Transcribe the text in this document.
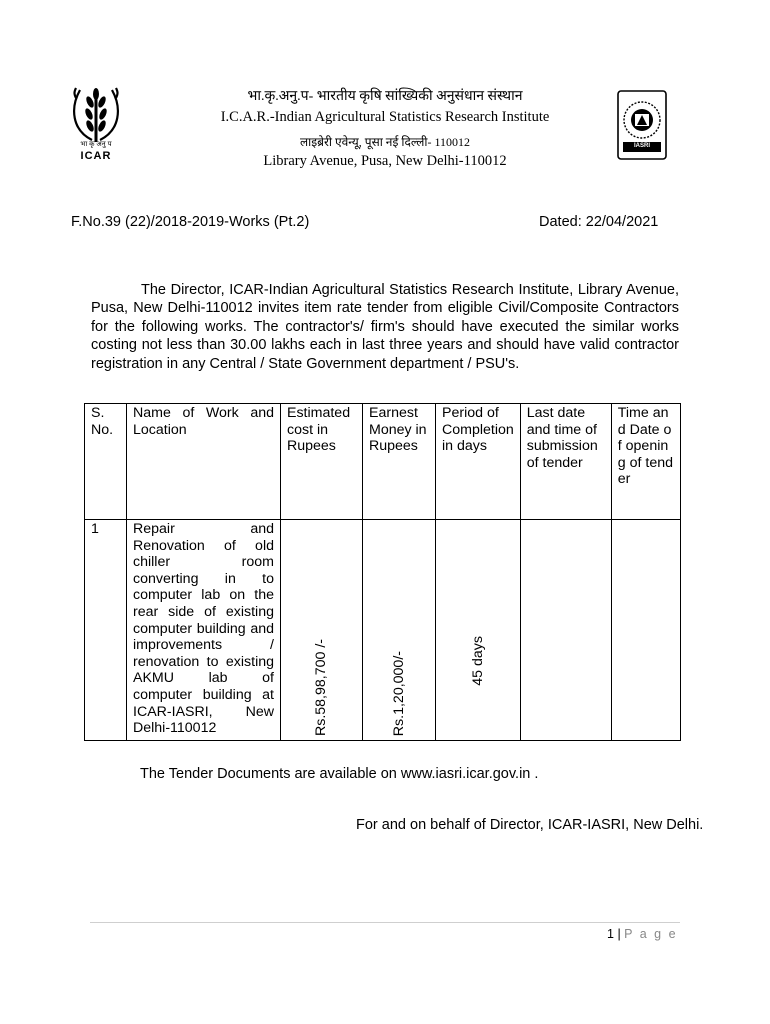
भा कृ अनु प
ICAR
भा.कृ.अनु.प- भारतीय कृषि सांख्यिकी अनुसंधान संस्थान
I.C.A.R.-Indian Agricultural Statistics Research Institute
लाइब्रेरी एवेन्यू, पूसा नई दिल्ली- 110012
Library Avenue, Pusa, New Delhi-110012
IASRI
F.No.39 (22)/2018-2019-Works (Pt.2)	Dated: 22/04/2021
The Director, ICAR-Indian Agricultural Statistics Research Institute, Library Avenue, Pusa, New Delhi-110012 invites item rate tender from eligible Civil/Composite Contractors for the following works. The contractor's/ firm's should have executed the similar works costing not less than 30.00 lakhs each in last three years and should have valid contractor registration in any Central / State Government department / PSU's.
S. No.	Name of Work and Location	Estimated cost in Rupees	Earnest Money in Rupees	Period of Completion in days	Last date and time of submission of tender	Time and Date of opening of tender
1	Repair and Renovation of old chiller room converting in to computer lab on the rear side of existing computer building and improvements / renovation to existing AKMU lab of computer building at ICAR-IASRI, New Delhi-110012	Rs.58,98,700 /-	Rs.1,20,000/-	45 days		

The Tender Documents are available on www.iasri.icar.gov.in .
For and on behalf of Director, ICAR-IASRI, New Delhi.
1 | P a g e
